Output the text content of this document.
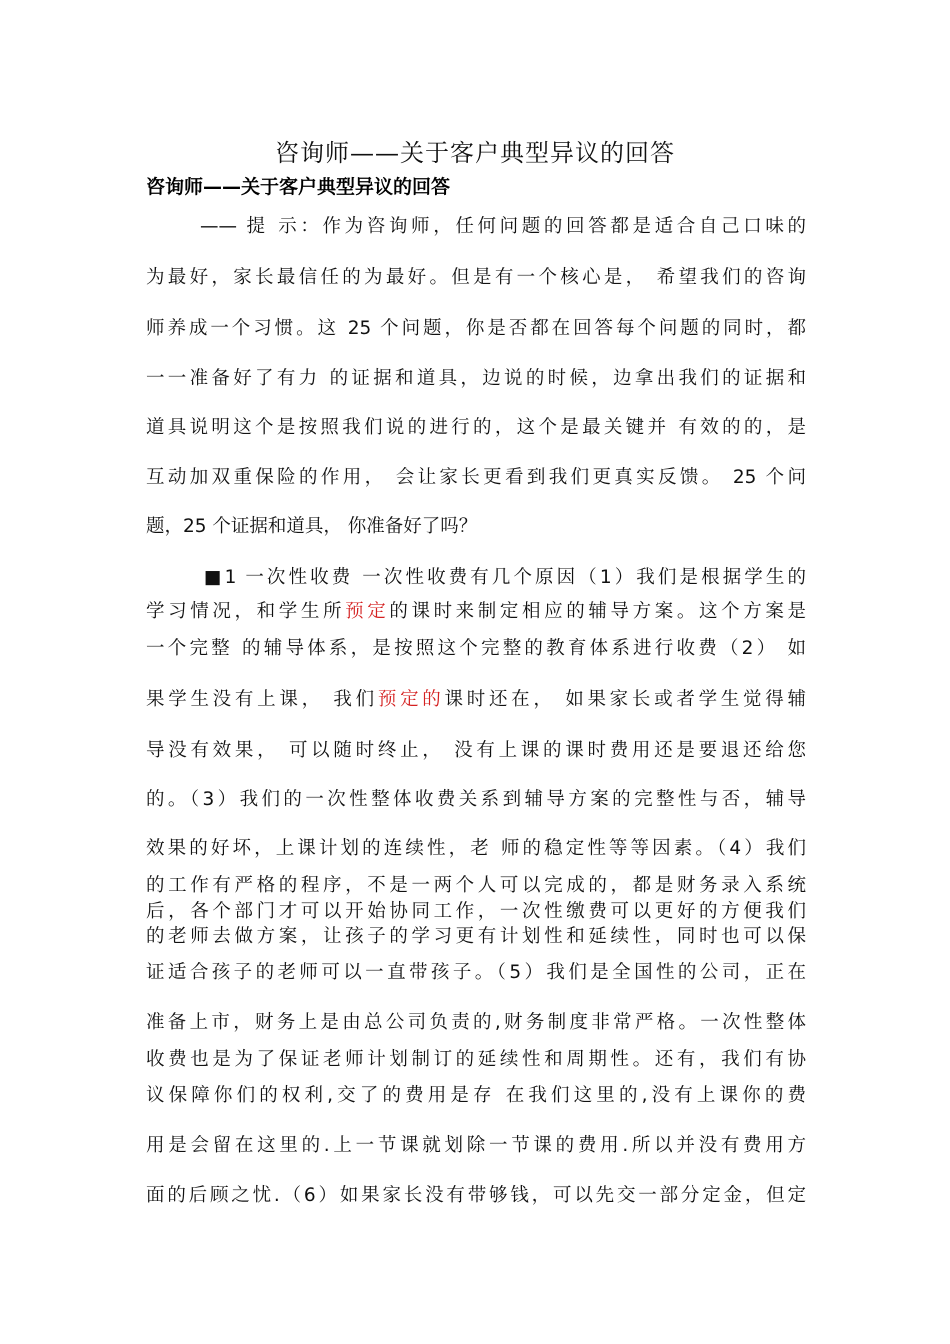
咨询师——关于客户典型异议的回答
咨询师——关于客户典型异议的回答
—— 提 示：作为咨询师，任何问题的回答都是适合自己口味的
为最好，家长最信任的为最好。但是有一个核心是， 希望我们的咨询
师养成一个习惯。这 25 个问题，你是否都在回答每个问题的同时，都
一一准备好了有力 的证据和道具，边说的时候，边拿出我们的证据和
道具说明这个是按照我们说的进行的，这个是最关键并 有效的的，是
互动加双重保险的作用， 会让家长更看到我们更真实反馈。 25 个问
题，25 个证据和道具， 你准备好了吗？
■1 一次性收费 一次性收费有几个原因（1）我们是根据学生的
学习情况，和学生所预定的课时来制定相应的辅导方案。这个方案是
一个完整 的辅导体系，是按照这个完整的教育体系进行收费（2） 如
果学生没有上课， 我们预定的课时还在， 如果家长或者学生觉得辅
导没有效果， 可以随时终止， 没有上课的课时费用还是要退还给您
的。（3）我们的一次性整体收费关系到辅导方案的完整性与否，辅导
效果的好坏，上课计划的连续性，老 师的稳定性等等因素。（4）我们
的工作有严格的程序，不是一两个人可以完成的，都是财务录入系统
后，各个部门才可以开始协同工作，一次性缴费可以更好的方便我们
的老师去做方案，让孩子的学习更有计划性和延续性，同时也可以保
证适合孩子的老师可以一直带孩子。（5）我们是全国性的公司，正在
准备上市，财务上是由总公司负责的,财务制度非常严格。一次性整体
收费也是为了保证老师计划制订的延续性和周期性。还有，我们有协
议保障你们的权利,交了的费用是存 在我们这里的,没有上课你的费
用是会留在这里的.上一节课就划除一节课的费用.所以并没有费用方
面的后顾之忧.（6）如果家长没有带够钱，可以先交一部分定金，但定
